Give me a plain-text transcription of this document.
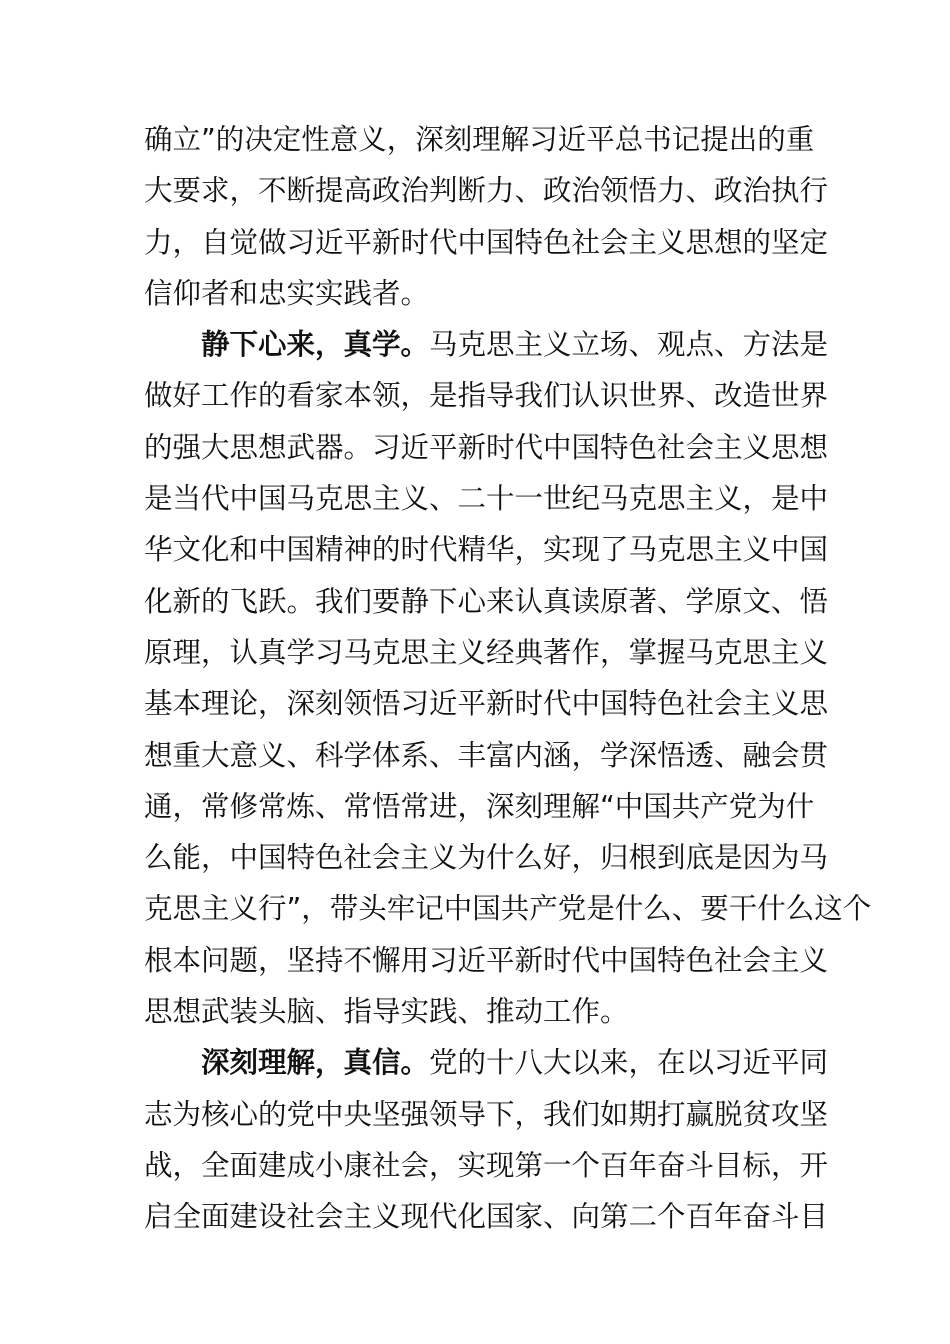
确立”的决定性意义，深刻理解习近平总书记提出的重
大要求，不断提高政治判断力、政治领悟力、政治执行
力，自觉做习近平新时代中国特色社会主义思想的坚定
信仰者和忠实实践者。
静下心来，真学。马克思主义立场、观点、方法是
做好工作的看家本领，是指导我们认识世界、改造世界
的强大思想武器。习近平新时代中国特色社会主义思想
是当代中国马克思主义、二十一世纪马克思主义，是中
华文化和中国精神的时代精华，实现了马克思主义中国
化新的飞跃。我们要静下心来认真读原著、学原文、悟
原理，认真学习马克思主义经典著作，掌握马克思主义
基本理论，深刻领悟习近平新时代中国特色社会主义思
想重大意义、科学体系、丰富内涵，学深悟透、融会贯
通，常修常炼、常悟常进，深刻理解“中国共产党为什
么能，中国特色社会主义为什么好，归根到底是因为马
克思主义行”，带头牢记中国共产党是什么、要干什么这个
根本问题，坚持不懈用习近平新时代中国特色社会主义
思想武装头脑、指导实践、推动工作。
深刻理解，真信。党的十八大以来，在以习近平同
志为核心的党中央坚强领导下，我们如期打赢脱贫攻坚
战，全面建成小康社会，实现第一个百年奋斗目标，开
启全面建设社会主义现代化国家、向第二个百年奋斗目
